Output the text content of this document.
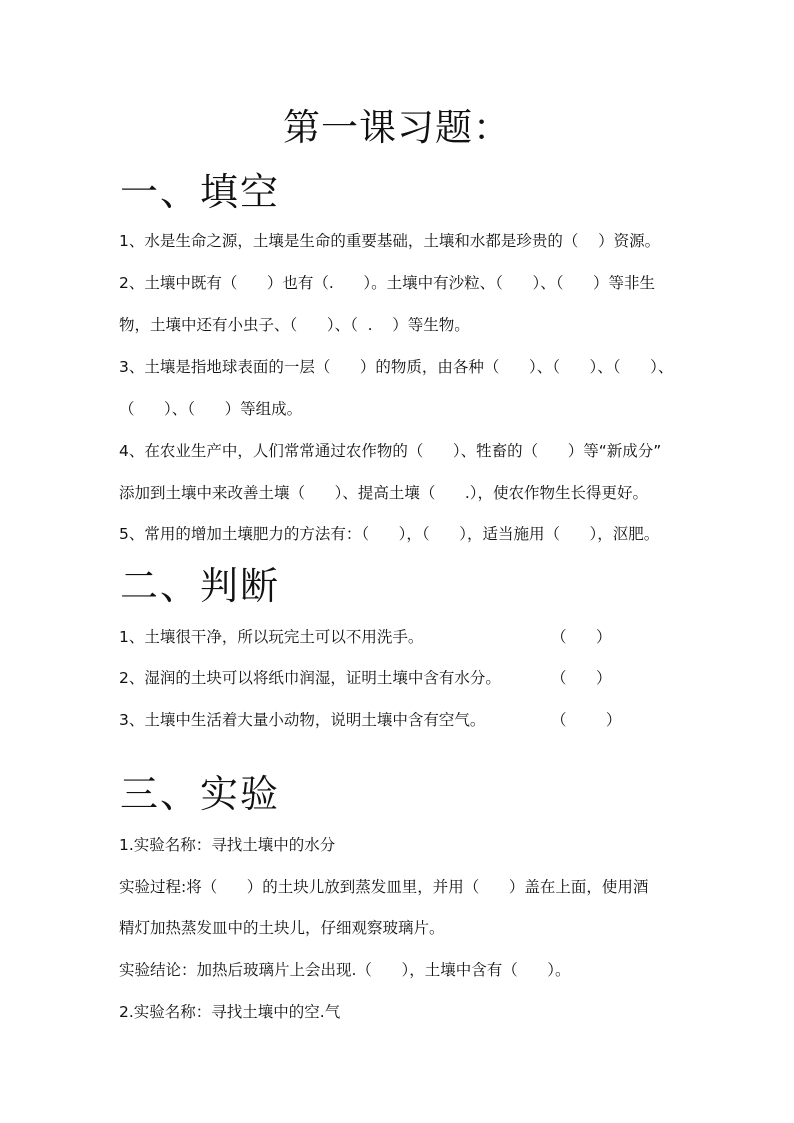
第一课习题：
一、填空
1、水是生命之源，土壤是生命的重要基础，土壤和水都是珍贵的（    ）资源。
2、土壤中既有（      ）也有（.      ）。土壤中有沙粒、（      ）、（      ）等非生
物，土壤中还有小虫子、（      ）、（  .    ）等生物。
3、土壤是指地球表面的一层（      ）的物质，由各种（      ）、（      ）、（      ）、
（      ）、（      ）等组成。
4、在农业生产中，人们常常通过农作物的（      ）、牲畜的（      ）等“新成分”
添加到土壤中来改善土壤（      ）、提高土壤（      .），使农作物生长得更好。
5、常用的增加土壤肥力的方法有：（      ），（      ），适当施用（      ），沤肥。
二、判断
1、土壤很干净，所以玩完土可以不用洗手。	（      ）
2、湿润的土块可以将纸巾润湿，证明土壤中含有水分。	（      ）
3、土壤中生活着大量小动物，说明土壤中含有空气。	（        ）
三、实验
1.实验名称：寻找土壤中的水分
实验过程:将（      ）的土块儿放到蒸发皿里，并用（      ）盖在上面，使用酒
精灯加热蒸发皿中的土块儿，仔细观察玻璃片。
实验结论：加热后玻璃片上会出现.（      ），土壤中含有（      ）。
2.实验名称：寻找土壤中的空.气
